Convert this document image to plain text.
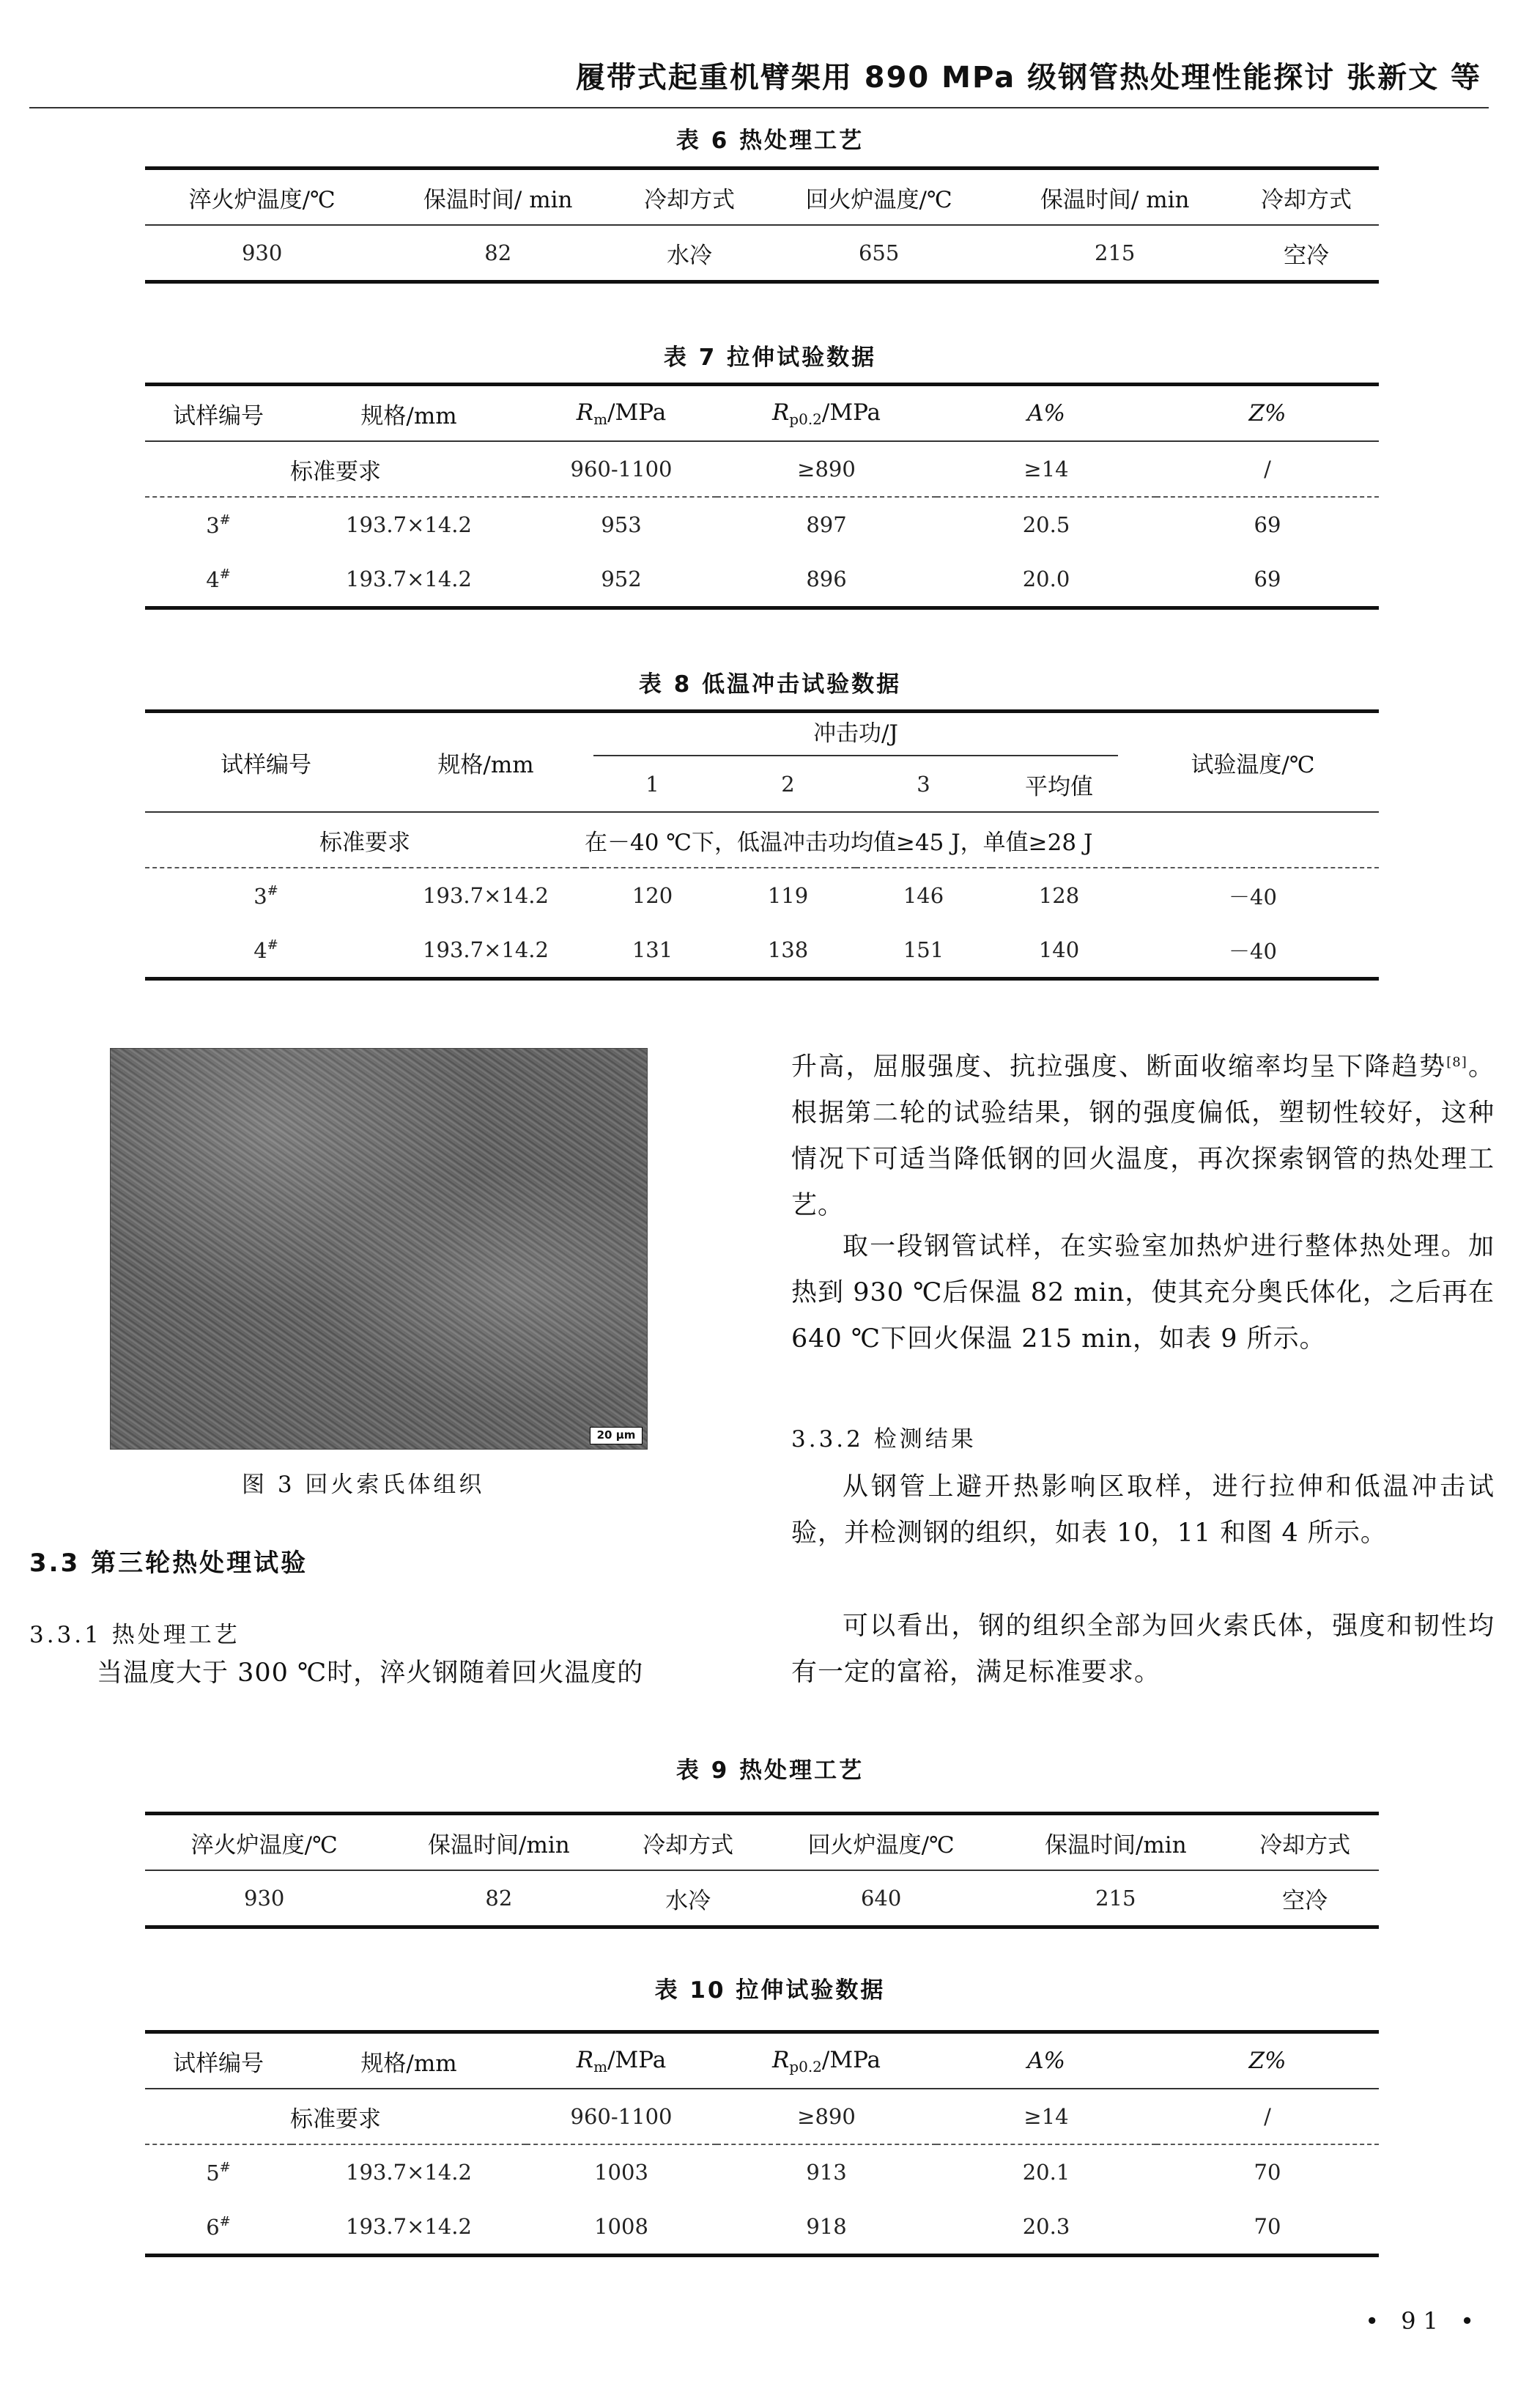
履带式起重机臂架用 890 MPa 级钢管热处理性能探讨 张新文 等
表 6 热处理工艺
淬火炉温度/℃	保温时间/ min	冷却方式	回火炉温度/℃	保温时间/ min	冷却方式
930	82	水冷	655	215	空冷
表 7 拉伸试验数据
试样编号	规格/mm	$R_m$/MPa	$R_{p0.2}$/MPa	A%	Z%
标准要求		960-1100	≥890	≥14	/
3#	193.7×14.2	953	897	20.5	69
4#	193.7×14.2	952	896	20.0	69
表 8 低温冲击试验数据
试样编号	规格/mm	冲击功/J				试验温度/℃
		1	2	3	平均值	
标准要求		在－40 ℃下，低温冲击功均值≥45 J，单值≥28 J				
3#	193.7×14.2	120	119	146	128	－40
4#	193.7×14.2	131	138	151	140	－40
20 μm
图 3 回火索氏体组织
3.3 第三轮热处理试验
3.3.1 热处理工艺
当温度大于 300 ℃时，淬火钢随着回火温度的
升高，屈服强度、抗拉强度、断面收缩率均呈下降趋势[8]。根据第二轮的试验结果，钢的强度偏低，塑韧性较好，这种情况下可适当降低钢的回火温度，再次探索钢管的热处理工艺。
取一段钢管试样，在实验室加热炉进行整体热处理。加热到 930 ℃后保温 82 min，使其充分奥氏体化，之后再在 640 ℃下回火保温 215 min，如表 9 所示。
3.3.2 检测结果
从钢管上避开热影响区取样，进行拉伸和低温冲击试验，并检测钢的组织，如表 10，11 和图 4 所示。
可以看出，钢的组织全部为回火索氏体，强度和韧性均有一定的富裕，满足标准要求。
表 9 热处理工艺
淬火炉温度/℃	保温时间/min	冷却方式	回火炉温度/℃	保温时间/min	冷却方式
930	82	水冷	640	215	空冷
表 10 拉伸试验数据
试样编号	规格/mm	$R_m$/MPa	$R_{p0.2}$/MPa	A%	Z%
标准要求		960-1100	≥890	≥14	/
5#	193.7×14.2	1003	913	20.1	70
6#	193.7×14.2	1008	918	20.3	70
• 91 •
